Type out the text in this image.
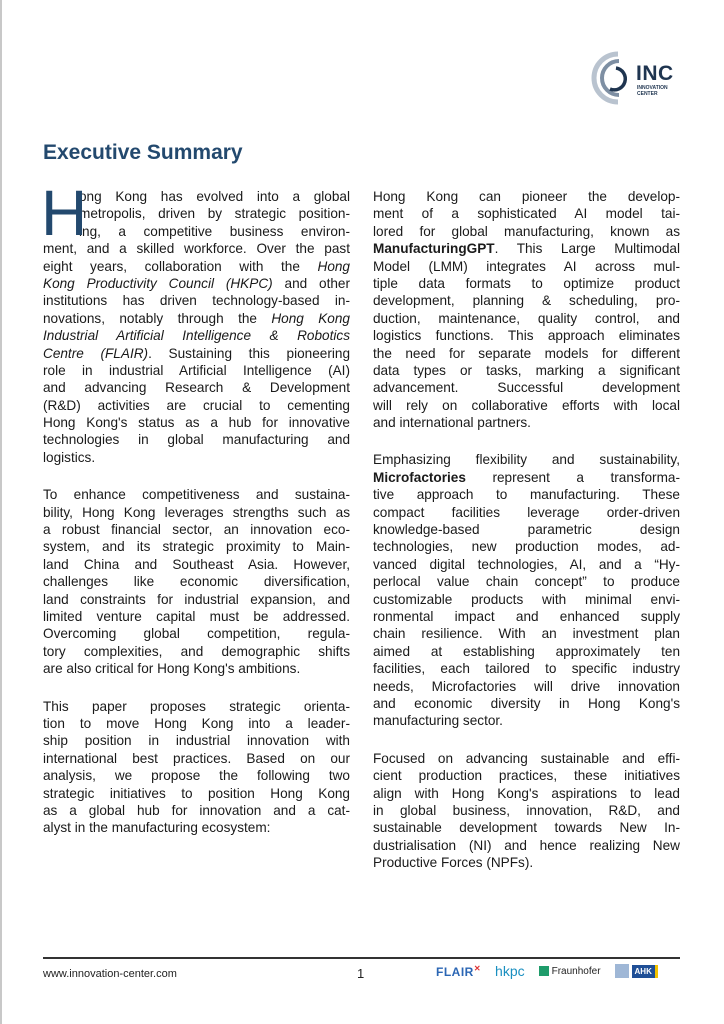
INC
INNOVATION CENTER
Executive Summary
H
ong Kong has evolved into a global
metropolis, driven by strategic position-
ing, a competitive business environ-
ment, and a skilled workforce. Over the past
eight years, collaboration with the Hong
Kong Productivity Council (HKPC) and other
institutions has driven technology-based in-
novations, notably through the Hong Kong
Industrial Artificial Intelligence & Robotics
Centre (FLAIR). Sustaining this pioneering
role in industrial Artificial Intelligence (AI)
and advancing Research & Development
(R&D) activities are crucial to cementing
Hong Kong's status as a hub for innovative
technologies in global manufacturing and
logistics.
To enhance competitiveness and sustaina-
bility, Hong Kong leverages strengths such as
a robust financial sector, an innovation eco-
system, and its strategic proximity to Main-
land China and Southeast Asia. However,
challenges like economic diversification,
land constraints for industrial expansion, and
limited venture capital must be addressed.
Overcoming global competition, regula-
tory complexities, and demographic shifts
are also critical for Hong Kong's ambitions.
This paper proposes strategic orienta-
tion to move Hong Kong into a leader-
ship position in industrial innovation with
international best practices. Based on our
analysis, we propose the following two
strategic initiatives to position Hong Kong
as a global hub for innovation and a cat-
alyst in the manufacturing ecosystem:
Hong Kong can pioneer the develop-
ment of a sophisticated AI model tai-
lored for global manufacturing, known as
ManufacturingGPT. This Large Multimodal
Model (LMM) integrates AI across mul-
tiple data formats to optimize product
development, planning & scheduling, pro-
duction, maintenance, quality control, and
logistics functions. This approach eliminates
the need for separate models for different
data types or tasks, marking a significant
advancement. Successful development
will rely on collaborative efforts with local
and international partners.
Emphasizing flexibility and sustainability,
Microfactories represent a transforma-
tive approach to manufacturing. These
compact facilities leverage order-driven
knowledge-based parametric design
technologies, new production modes, ad-
vanced digital technologies, AI, and a “Hy-
perlocal value chain concept” to produce
customizable products with minimal envi-
ronmental impact and enhanced supply
chain resilience. With an investment plan
aimed at establishing approximately ten
facilities, each tailored to specific industry
needs, Microfactories will drive innovation
and economic diversity in Hong Kong's
manufacturing sector.
Focused on advancing sustainable and effi-
cient production practices, these initiatives
align with Hong Kong's aspirations to lead
in global business, innovation, R&D, and
sustainable development towards New In-
dustrialisation (NI) and hence realizing New
Productive Forces (NPFs).
www.innovation-center.com	1	FLAIR✕ hkpc	Fraunhofer	AHK
